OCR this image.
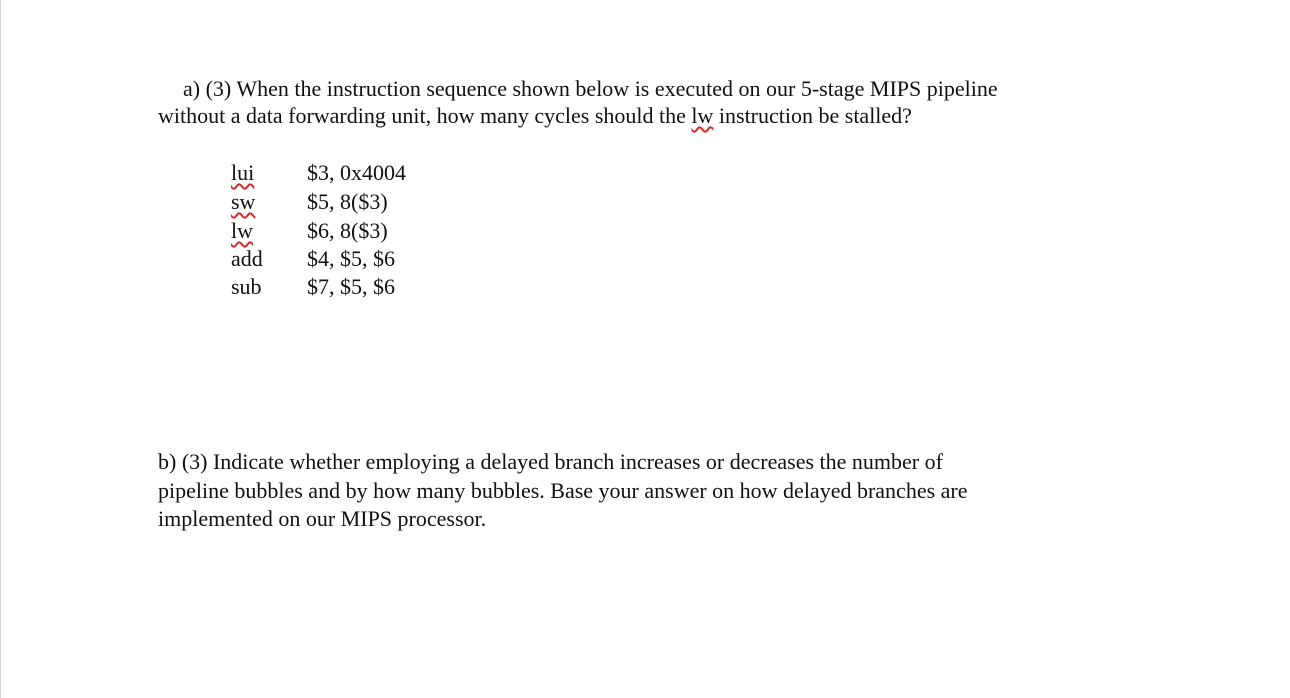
a) (3) When the instruction sequence shown below is executed on our 5-stage MIPS pipeline
without a data forwarding unit, how many cycles should the lw instruction be stalled?
lui	$3, 0x4004
sw	$5, 8($3)
lw	$6, 8($3)
add	$4, $5, $6
sub	$7, $5, $6
b) (3) Indicate whether employing a delayed branch increases or decreases the number of
pipeline bubbles and by how many bubbles. Base your answer on how delayed branches are
implemented on our MIPS processor.
